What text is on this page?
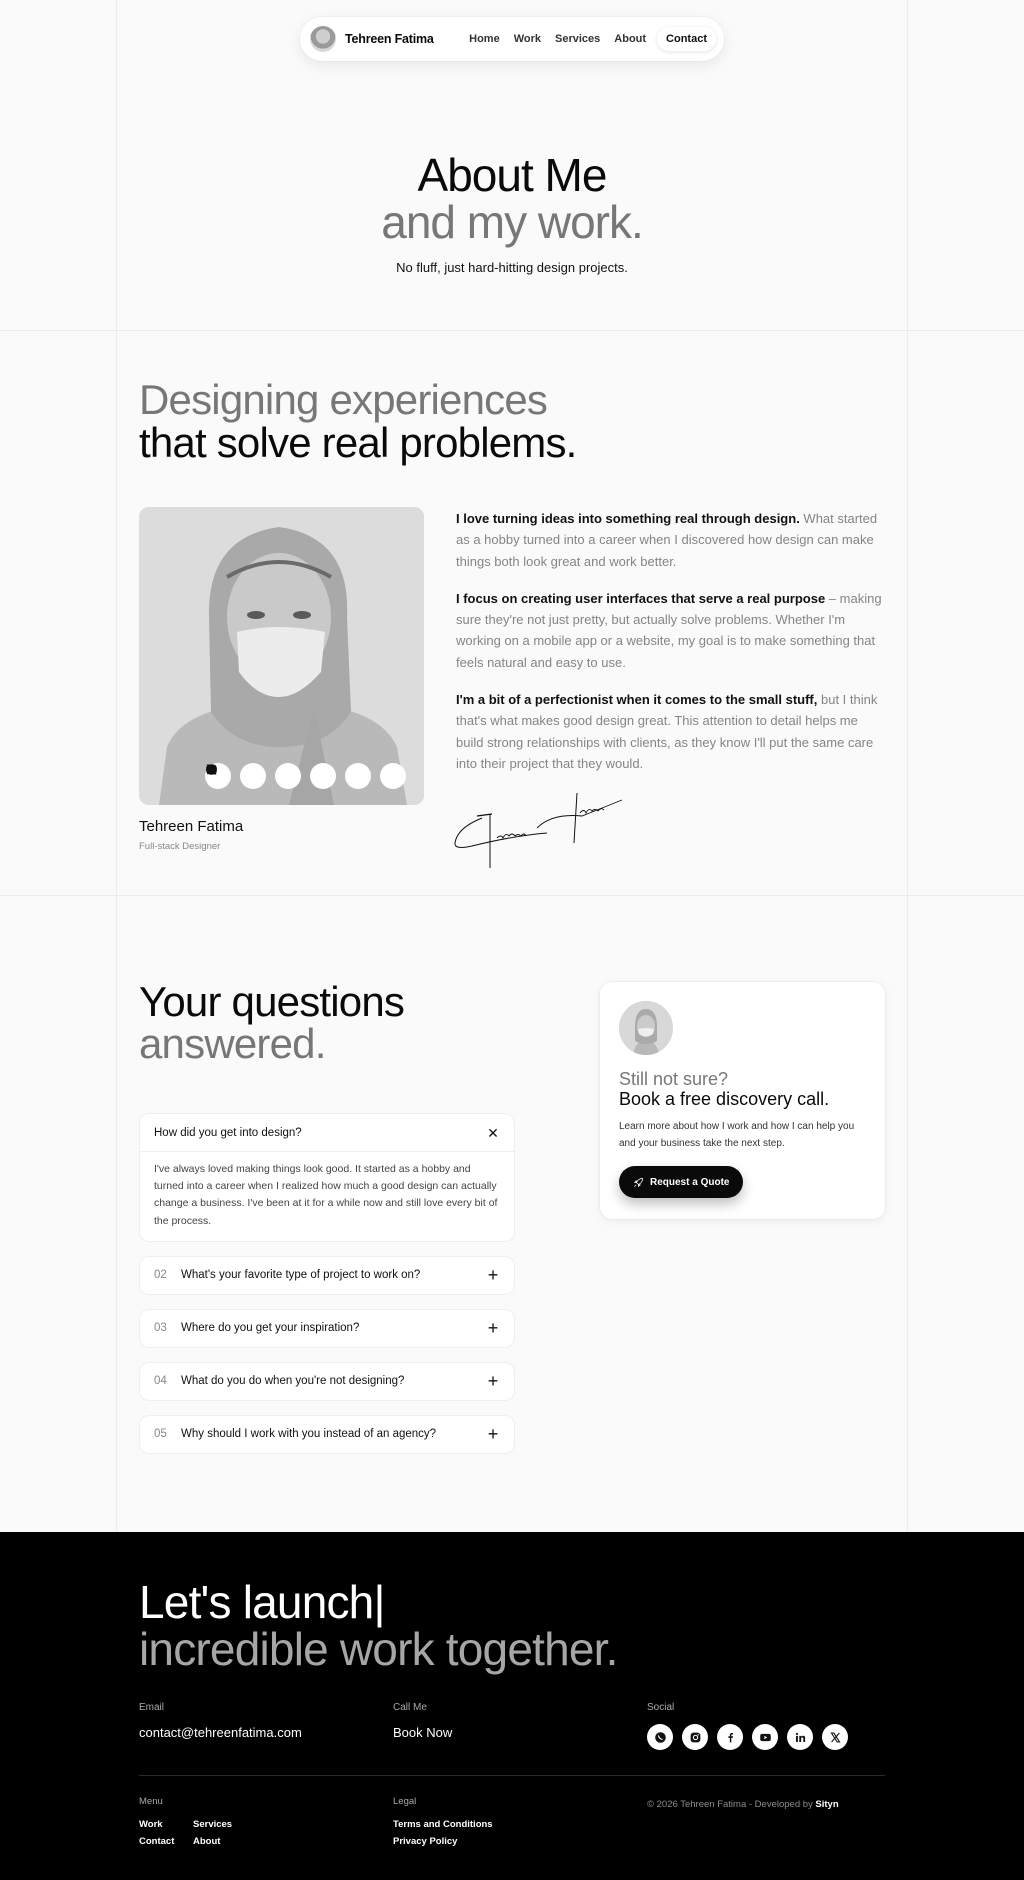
Tehreen Fatima	Home	Work	Services	About	Contact
About Me
and my work.

No fluff, just hard-hitting design projects.

Designing experiences
that solve real problems.
Tehreen Fatima
Full-stack Designer

I love turning ideas into something real through design. What started as a hobby turned into a career when I discovered how design can make things both look great and work better.

I focus on creating user interfaces that serve a real purpose – making sure they're not just pretty, but actually solve problems. Whether I'm working on a mobile app or a website, my goal is to make something that feels natural and easy to use.

I'm a bit of a perfectionist when it comes to the small stuff, but I think that's what makes good design great. This attention to detail helps me build strong relationships with clients, as they know I'll put the same care into their project that they would.

Your questions
answered.
How did you get into design?	✕
I've always loved making things look good. It started as a hobby and turned into a career when I realized how much a good design can actually change a business. I've been at it for a while now and still love every bit of the process.
02	What's your favorite type of project to work on?	+
03	Where do you get your inspiration?	+
04	What do you do when you're not designing?	+
05	Why should I work with you instead of an agency?	+
Still not sure?
Book a free discovery call.
Learn more about how I work and how I can help you and your business take the next step.
Request a Quote
Let's launch|
incredible work together.
Email
contact@tehreenfatima.com
Call Me
Book Now
Social
Menu
Work	Services
Contact	About
Legal
Terms and Conditions
Privacy Policy
© 2026 Tehreen Fatima - Developed by Sityn
